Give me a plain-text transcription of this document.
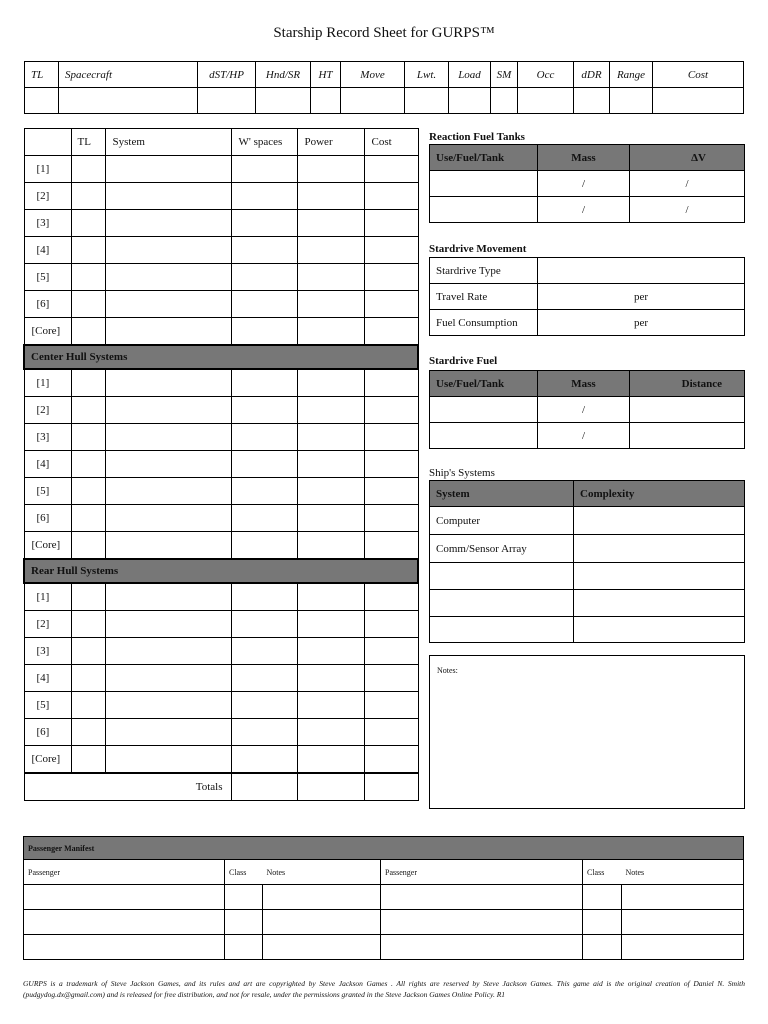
Starship Record Sheet for GURPS™
TL	Spacecraft	dST/HP	Hnd/SR	HT	Move	Lwt.	Load	SM	Occ	dDR	Range	Cost

	TL	System	W' spaces	Power	Cost
[1]					
[2]					
[3]					
[4]					
[5]					
[6]					
[Core]					
Center Hull Systems					
[1]					
[2]					
[3]					
[4]					
[5]					
[6]					
[Core]					
Rear Hull Systems					
[1]					
[2]					
[3]					
[4]					
[5]					
[6]					
[Core]					
Totals					
Reaction Fuel Tanks
Use/Fuel/Tank	Mass	ΔV
	/	/
	/	/
Stardrive Movement
Stardrive Type	
Travel Rate	per
Fuel Consumption	per
Stardrive Fuel
Use/Fuel/Tank	Mass	Distance
	/	
	/	
Ship's Systems
System	Complexity
Computer	
Comm/Sensor Array	

Notes:
Passenger Manifest					
Passenger	Class	Notes	Passenger	Class	Notes

GURPS is a trademark of Steve Jackson Games, and its rules and art are copyrighted by Steve Jackson Games . All rights are reserved by Steve Jackson Games. This game aid is the original creation of Daniel N. Smith (pudgydog.dx@gmail.com) and is released for free distribution, and not for resale, under the permissions granted in the Steve Jackson Games Online Policy. R1
